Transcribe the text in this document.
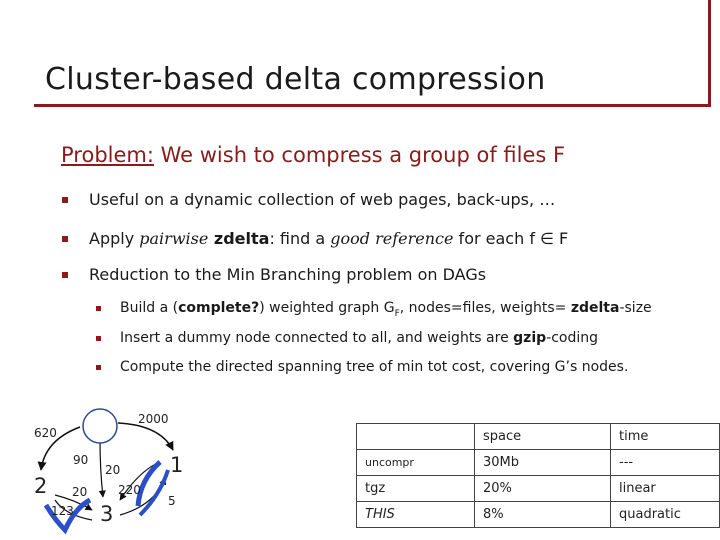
Cluster-based delta compression
Problem: We wish to compress a group of files F
Useful on a dynamic collection of web pages, back-ups, …
Apply pairwise zdelta: find a good reference for each f ∈ F
Reduction to the Min Branching problem on DAGs
Build a (complete?) weighted graph $G_F$, nodes=files, weights= zdelta-size
Insert a dummy node connected to all, and weights are gzip-coding
Compute the directed spanning tree of min tot cost, covering G’s nodes.
2000
620
90
20
20	220
123
5
1
2
3
	space	time
uncompr	30Mb	---
tgz	20%	linear
THIS	8%	quadratic
